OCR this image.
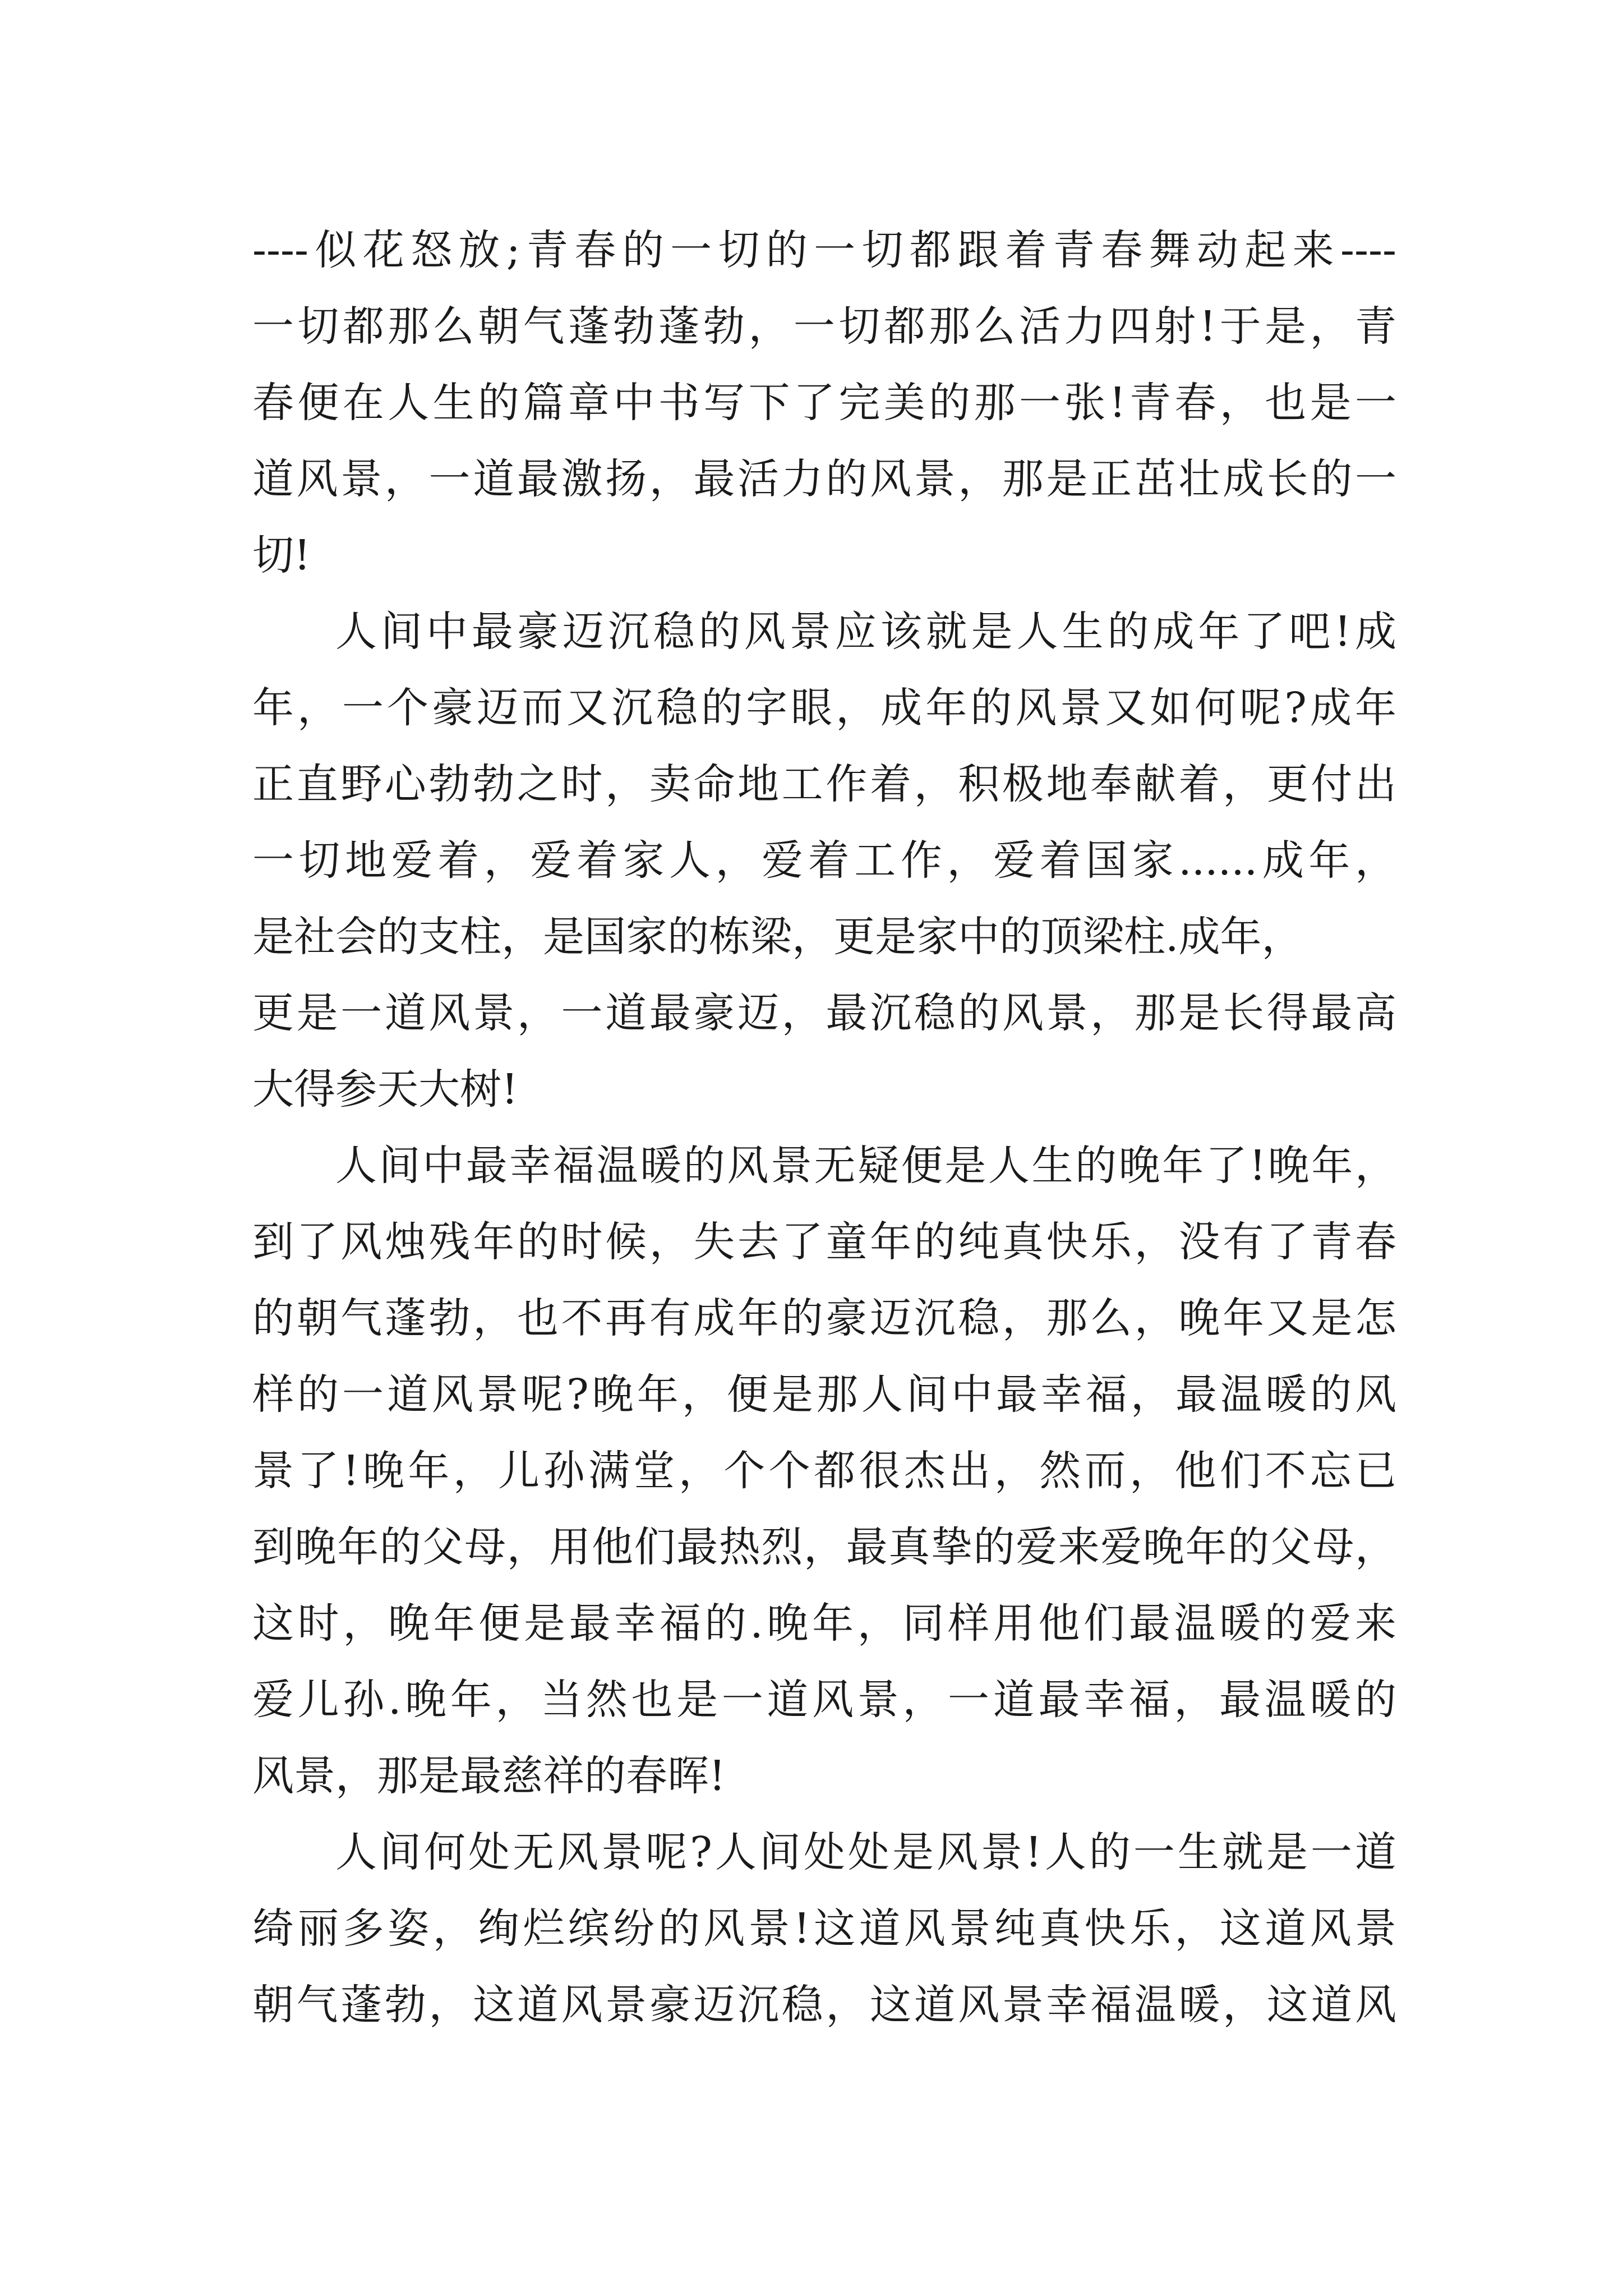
----似花怒放;青春的一切的一切都跟着青春舞动起来----
一切都那么朝气蓬勃蓬勃，一切都那么活力四射!于是，青
春便在人生的篇章中书写下了完美的那一张!青春，也是一
道风景，一道最激扬，最活力的风景，那是正茁壮成长的一
切!
人间中最豪迈沉稳的风景应该就是人生的成年了吧!成
年，一个豪迈而又沉稳的字眼，成年的风景又如何呢?成年
正直野心勃勃之时，卖命地工作着，积极地奉献着，更付出
一切地爱着，爱着家人，爱着工作，爱着国家......成年，
是社会的支柱，是国家的栋梁，更是家中的顶梁柱.成年，
更是一道风景，一道最豪迈，最沉稳的风景，那是长得最高
大得参天大树!
人间中最幸福温暖的风景无疑便是人生的晚年了!晚年，
到了风烛残年的时候，失去了童年的纯真快乐，没有了青春
的朝气蓬勃，也不再有成年的豪迈沉稳，那么，晚年又是怎
样的一道风景呢?晚年，便是那人间中最幸福，最温暖的风
景了!晚年，儿孙满堂，个个都很杰出，然而，他们不忘已
到晚年的父母，用他们最热烈，最真挚的爱来爱晚年的父母，
这时，晚年便是最幸福的.晚年，同样用他们最温暖的爱来
爱儿孙.晚年，当然也是一道风景，一道最幸福，最温暖的
风景，那是最慈祥的春晖!
人间何处无风景呢?人间处处是风景!人的一生就是一道
绮丽多姿，绚烂缤纷的风景!这道风景纯真快乐，这道风景
朝气蓬勃，这道风景豪迈沉稳，这道风景幸福温暖，这道风
